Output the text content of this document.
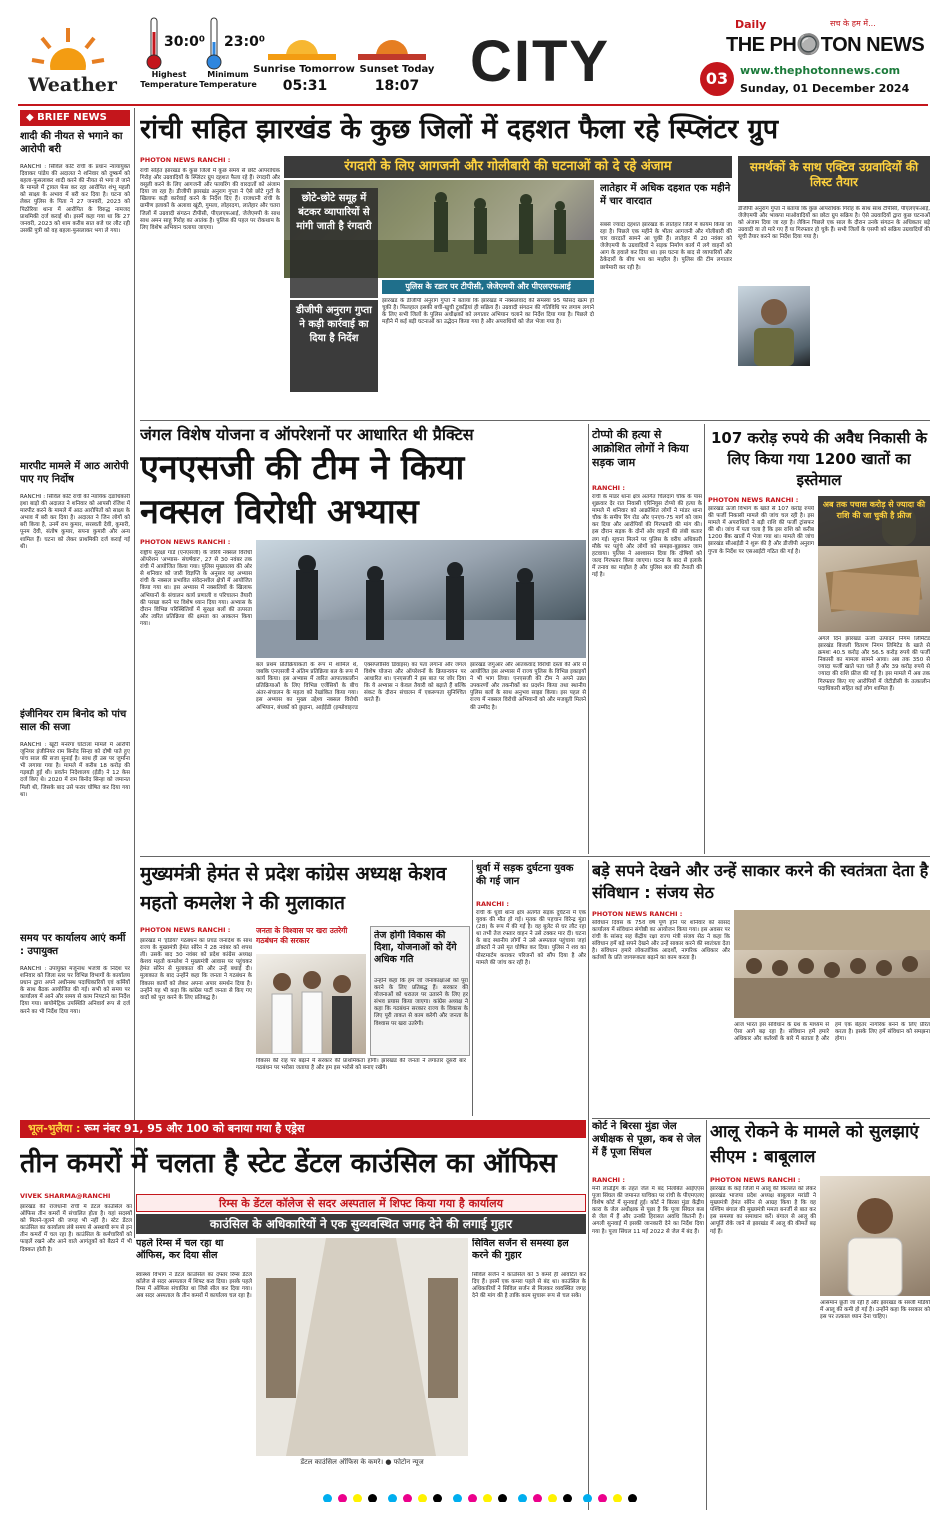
Weather
30:0⁰
Highest Temperature
23:0⁰
Minimum Temperature
Sunrise Tomorrow
05:31
Sunset Today
18:07 CITY
Daily	सच के हम में...
THE PH🔘TON NEWS
03	www.thephotonnews.com
Sunday, 01 December 2024
◆ BRIEF NEWS
शादी की नीयत से भगाने का आरोपी बरी
RANCHI : सिविल कोर्ट रांची के प्रधान न्यायायुक्त दिवाकर पांडेय की अदालत ने शनिवार को दुष्कर्म को बहला-फुसलाकर शादी करने की नीयत से भगा ले जाने के मामले में ट्रायल फेस कर रहा आरोपित शंभू महली को साक्ष्य के अभाव में बरी कर दिया है। घटना को लेकर पुलिस के पिता ने 27 जनवरी, 2023 को पिठोरिया थाना में आरोपित के विरुद्ध नामजद प्राथमिकी दर्ज कराई थी। इसमें कहा गया था कि 27 जनवरी, 2023 को शाम करीब सात बजे घर लौट रही उसकी पुत्री को वह बहला-फुसलाकर भगा ले गया।
मारपीट मामले में आठ आरोपी पाए गए निर्दोष
RANCHI : सिविल कोर्ट रांची की न्यायिक दंडाधिकारी इशा बाड़ो की अदालत ने शनिवार को आपसी रंजिश में मारपीट करने के मामले में आठ आरोपितों को साक्ष्य के अभाव में बरी कर दिया है। अदालत ने जिन लोगों को बरी किया है, उनमें राम कुमार, सरस्वती देवी, कुमारी, पूनम देवी, संतोष कुमार, सपना कुमारी और अन्य शामिल हैं। घटना को लेकर प्राथमिकी दर्ज कराई गई थी।
इंजीनियर राम बिनोद को पांच साल की सजा
RANCHI : खूंटी मनरेगा घोटाला मामले में आरोपी जूनियर इंजीनियर राम बिनोद सिन्हा को दोषी पाते हुए पांच साल की सजा सुनाई है। साथ ही उस पर जुर्माना भी लगाया गया है। मामले में करीब 18 करोड़ की गड़बड़ी हुई थी। प्रवर्तन निदेशालय (ईडी) ने 12 केस दर्ज किए थे। 2020 में राम बिनोद सिन्हा को जमानत मिली थी, जिसके बाद उसे फरार घोषित कर दिया गया था।
समय पर कार्यालय आएं कर्मी : उपायुक्त
RANCHI : उपायुक्त मंजूनाथ भजंत्री के निर्देश पर शनिवार को जिला स्तर पर विभिन्न विभागों के कार्यालय प्रधान द्वारा अपने अधीनस्थ पदाधिकारियों एवं कर्मियों के साथ बैठक आयोजित की गई। सभी को समय पर कार्यालय में आने और समय से काम निपटाने का निर्देश दिया गया। बायोमेट्रिक उपस्थिति अनिवार्य रूप से दर्ज करने का भी निर्देश दिया गया।
रांची सहित झारखंड के कुछ जिलों में दहशत फैला रहे स्प्लिंटर ग्रुप
PHOTON NEWS RANCHI :
रांची सहित झारखंड के कुछ जिलों में कुछ समय से छोटे आपराधिक गिरोह और उग्रवादियों के स्प्लिंटर ग्रुप दहशत फैला रहे हैं। रंगदारी और वसूली करने के लिए आगजनी और फायरिंग की वारदातों को अंजाम दिया जा रहा है। डीजीपी झारखंड अनुराग गुप्ता ने ऐसे छोटे गुटों के खिलाफ कड़ी कार्रवाई करने के निर्देश दिए हैं। राजधानी रांची के ग्रामीण इलाकों के अलावा खूंटी, गुमला, लोहरदगा, लातेहार और चतरा जिलों में उग्रवादी संगठन टीपीसी, पीएलएफआई, जेजेएमपी के साथ साथ अमन साहू गिरोह का आतंक है। पुलिस की पहल पर रोकथाम के लिए विशेष अभियान चलाया जाएगा।
रंगदारी के लिए आगजनी और गोलीबारी की घटनाओं को दे रहे अंजाम
छोटे-छोटे समूह में बंटकर व्यापारियों से मांगी जाती है रंगदारी
डीजीपी अनुराग गुप्ता ने कड़ी कार्रवाई का दिया है निर्देश
पुलिस के रडार पर टीपीसी, जेजेएमपी और पीएलएफआई
झारखंड के डीजीपी अनुराग गुप्ता ने बताया कि झारखंड में नक्सलवाद की समस्या 95 फीसद खत्म हो चुकी है। फिलहाल इसकी बची-खुची टुकड़ियां ही सक्रिय हैं। उग्रवादी संगठन की गतिविधि पर लगाम लगाने के लिए सभी जिलों के पुलिस अधीक्षकों को लगातार अभियान चलाने का निर्देश दिया गया है। पिछले दो महीने में कई बड़ी घटनाओं का उद्भेदन किया गया है और अपराधियों को जेल भेजा गया है।
लातेहार में अधिक दहशत एक महीने में चार वारदात
सबसे ज्यादा दहशत झारखंड के लातेहार जिले में कायम किया जा रहा है। पिछले एक महीने के भीतर आगजनी और गोलीबारी की चार वारदातें सामने आ चुकी हैं। लातेहार में 20 नवंबर को जेजेएमपी के उग्रवादियों ने सड़क निर्माण कार्य में लगे वाहनों को आग के हवाले कर दिया था। इस घटना के बाद से व्यापारियों और ठेकेदारों के बीच भय का माहौल है। पुलिस की टीम लगातार छापेमारी कर रही है।
समर्थकों के साथ एक्टिव उग्रवादियों की लिस्ट तैयार
डीजीपी अनुराग गुप्ता ने बताया कि कुछ आपराधिक गिरोह के साथ साथ टीपीसी, पीएलएफआई, जेजेएमपी और भाकपा माओवादियों का छोटा ग्रुप सक्रिय है। ऐसे उग्रवादियों द्वारा कुछ घटनाओं को अंजाम दिया जा रहा है। लेकिन पिछले एक साल के दौरान उनके संगठन के अधिकतर बड़े उग्रवादी या तो मारे गए हैं या गिरफ्तार हो चुके हैं। सभी जिलों के एसपी को सक्रिय उग्रवादियों की सूची तैयार करने का निर्देश दिया गया है।
जंगल विशेष योजना व ऑपरेशनों पर आधारित थी प्रैक्टिस
एनएसजी की टीम ने किया
नक्सल विरोधी अभ्यास
PHOTON NEWS RANCHI :
राष्ट्रीय सुरक्षा गार्ड (एनएसजी) के जरिये नक्सल विरोधी ऑपरेशन 'अभ्यास- संघर्षवार', 27 से 30 नवंबर तक रांची में आयोजित किया गया। पुलिस मुख्यालय की ओर से शनिवार को जारी विज्ञप्ति के अनुसार यह अभ्यास रांची के नक्सल प्रभावित संवेदनशील क्षेत्रों में आयोजित किया गया था। इस अभ्यास में नक्सलियों के खिलाफ अभियानों के संचालन कार्य प्रणाली व परिचालन तैयारी की परखा करने पर विशेष ध्यान दिया गया। अभ्यास के दौरान विभिन्न परिस्थितियों में सुरक्षा बलों की तत्परता और त्वरित प्रतिक्रिया की क्षमता का आकलन किया गया।
बल प्रथम प्रतिक्रियाकर्ता के रूप में शामिल थे, जबकि एनएसजी ने अंतिम प्रतिक्रिया बल के रूप में कार्य किया। इस अभ्यास में त्वरित आपातकालीन प्रतिक्रियाओं के लिए विभिन्न एजेंसियों के बीच अंतर-संचालन के महत्व को रेखांकित किया गया। इस अभ्यास का मुख्य उद्देश्य नक्सल विरोधी अभियान, बंधकों को छुड़ाना, आईईडी (इम्प्रोवाइज्ड एक्सप्लोसिव डिवाइस) का पता लगाना और जंगल विशेष योजना और ऑपरेशनों के क्रियान्वयन पर आधारित था। एनएसजी ने इस बात पर जोर दिया कि ये अभ्यास न केवल तैयारी को बढ़ाते हैं बल्कि संकट के दौरान संचालन में एकरूपता सुनिश्चित करते हैं।
झारखंड जगुआर और आतंकवाद विरोधी दस्ता की ओर से आयोजित इस अभ्यास में राज्य पुलिस के विभिन्न इकाइयों ने भी भाग लिया। एनएसजी की टीम ने अपने उन्नत उपकरणों और तकनीकों का प्रदर्शन किया तथा स्थानीय पुलिस बलों के साथ अनुभव साझा किया। इस पहल से राज्य में नक्सल विरोधी अभियानों को और मजबूती मिलने की उम्मीद है।
टोप्पो की हत्या से आक्रोशित लोगों ने किया सड़क जाम
RANCHI :
रांची के मांडर थाना क्षेत्र अंतर्गत चिलदाग चौक के पास शुक्रवार देर रात निवासी एरिनियुस टोप्पो की हत्या के मामले में शनिवार को आक्रोशित लोगों ने मांडर थाना चौक के समीप रिंग रोड और एनएच-75 मार्ग को जाम कर दिया और आरोपियों की गिरफ्तारी की मांग की। इस दौरान सड़क के दोनों ओर वाहनों की लंबी कतार लग गई। सूचना मिलने पर पुलिस के वरीय अधिकारी मौके पर पहुंचे और लोगों को समझा-बुझाकर जाम हटवाया। पुलिस ने आश्वासन दिया कि दोषियों को जल्द गिरफ्तार किया जाएगा। घटना के बाद से इलाके में तनाव का माहौल है और पुलिस बल की तैनाती की गई है।
107 करोड़ रुपये की अवैध निकासी के लिए किया गया 1200 खातों का इस्तेमाल
PHOTON NEWS RANCHI :
झारखंड ऊर्जा विभाग के खाते से 107 करोड़ रुपये की फर्जी निकासी मामले की जांच चल रही है। इस मामले में अपराधियों ने बड़ी राशि की फर्जी ट्रांसफर की थी। जांच में पता चला है कि इस राशि को करीब 1200 बैंक खातों में भेजा गया था। मामले की जांच झारखंड सीआईडी ने शुरू की है और डीजीपी अनुराग गुप्ता के निर्देश पर एसआईटी गठित की गई है।
अब तक पचास करोड़ से ज्यादा की राशि की जा चुकी है फ्रीज
अगले दिन झारखंड ऊर्जा उत्पादन निगम लिमिटेड झारखंड बिजली वितरण निगम लिमिटेड के खाते से क्रमशः 40.5 करोड़ और 56.5 करोड़ रुपये की फर्जी निकासी का मामला सामने आया। अब तक 350 से ज्यादा फर्जी खाते पता चले हैं और 39 करोड़ रुपये से ज्यादा की राशि फ्रीज की गई है। इस मामले में अब तक गिरफ्तार किए गए आरोपियों में जेटीडीसी के तत्कालीन पदाधिकारी सहित कई लोग शामिल हैं।
मुख्यमंत्री हेमंत से प्रदेश कांग्रेस अध्यक्ष केशव महतो कमलेश ने की मुलाकात
PHOTON NEWS RANCHI :
झारखंड में 'इंडिया' गठबंधन का प्रचंड जनादेश के साथ राज्य के मुख्यमंत्री हेमंत सोरेन ने 28 नवंबर को शपथ ली। उसके बाद 30 नवंबर को प्रदेश कांग्रेस अध्यक्ष केशव महतो कमलेश ने मुख्यमंत्री आवास पर पहुंचकर हेमंत सोरेन से मुलाकात की और उन्हें बधाई दी। मुलाकात के बाद उन्होंने कहा कि जनता ने गठबंधन के विकास कार्यों को लेकर अपना अपार समर्थन दिया है। उन्होंने यह भी कहा कि कांग्रेस पार्टी जनता से किए गए वादों को पूरा करने के लिए प्रतिबद्ध है।
जनता के विश्वास पर खरा उतरेगी गठबंधन की सरकार
विकास की राह पर बढ़ाने में सरकार की प्राथमिकता होगी। झारखंड की जनता ने लगातार दूसरी बार गठबंधन पर भरोसा जताया है और हम इस भरोसे को बनाए रखेंगे।
तेज होगी विकास की दिशा, योजनाओं को देंगे अधिक गति
उन्होंने कहा कि हम जो जनाकांक्षाओं को पूरा करने के लिए प्रतिबद्ध हैं। सरकार की योजनाओं को धरातल पर उतारने के लिए हर संभव प्रयास किया जाएगा। कांग्रेस अध्यक्ष ने कहा कि गठबंधन सरकार राज्य के विकास के लिए पूरी ताकत से काम करेगी और जनता के विश्वास पर खरा उतरेगी।
धुर्वा में सड़क दुर्घटना युवक की गई जान
RANCHI :
रांची के धुर्वा थाना क्षेत्र अंतर्गत सड़क दुर्घटना में एक युवक की मौत हो गई। मृतक की पहचान विरेन्द्र मुंडा (28) के रूप में की गई है। वह बुलेट से घर लौट रहा था तभी तेज रफ्तार वाहन ने उसे टक्कर मार दी। घटना के बाद स्थानीय लोगों ने उसे अस्पताल पहुंचाया जहां डॉक्टरों ने उसे मृत घोषित कर दिया। पुलिस ने शव का पोस्टमार्टम कराकर परिजनों को सौंप दिया है और मामले की जांच कर रही है।
बड़े सपने देखने और उन्हें साकार करने की स्वतंत्रता देता है संविधान : संजय सेठ
PHOTON NEWS RANCHI :
संविधान दिवस के 75वें वर्ष पूर्ण होने पर शनिवार को सांसद कार्यालय में संविधान संगोष्ठी का आयोजन किया गया। इस अवसर पर रांची के सांसद सह केंद्रीय रक्षा राज्य मंत्री संजय सेठ ने कहा कि संविधान हमें बड़े सपने देखने और उन्हें साकार करने की स्वतंत्रता देता है। संविधान हमारे लोकतांत्रिक आदर्शों, नागरिक अधिकार और कर्तव्यों के प्रति जागरूकता बढ़ाने का काम करता है।
आज भारत इस संविधान के ग्रंथ के माध्यम से ऐसा आगे बढ़ रहा है। संविधान हमें हमारे अधिकार और कर्तव्यों के बारे में बताता है और हमें एक बेहतर नागरिक बनने के लिए प्रेरित करता है। इसके लिए हमें संविधान को समझना होगा।
भूल-भुलैया : रूम नंबर 91, 95 और 100 को बनाया गया है एड्रेस
तीन कमरों में चलता है स्टेट डेंटल काउंसिल का ऑफिस
VIVEK SHARMA@RANCHI
झारखंड की राजधानी रांची में डेंटल काउंसिल का ऑफिस तीन कमरों में संचालित होता है। यहां सदस्यों को मिलने-जुलने की जगह भी नहीं है। स्टेट डेंटल काउंसिल का कार्यालय लंबे समय से अस्थायी रूप से इन तीन कमरों में चल रहा है। काउंसिल के कर्मचारियों को फाइलें रखने और आने वाले आगंतुकों को बैठाने में भी दिक्कत होती है।
रिम्स के डेंटल कॉलेज से सदर अस्पताल में शिफ्ट किया गया है कार्यालय
काउंसिल के अधिकारियों ने एक सुव्यवस्थित जगह देने की लगाई गुहार
पहले रिम्स में चल रहा था ऑफिस, कर दिया सील
स्वास्थ्य विभाग ने डेंटल काउंसिल का दफ्तर रिम्स डेंटल कॉलेज से सदर अस्पताल में शिफ्ट करा दिया। इसके पहले रिम्स में ऑफिस संचालित था जिसे सील कर दिया गया। अब सदर अस्पताल के तीन कमरों में कार्यालय चल रहा है।
डेंटल काउंसिल ऑफिस के कमरे। ● फोटोन न्यूज
सिविल सर्जन से समस्या हल करने की गुहार
सिविल सर्जन ने काउंसिल को 3 कमरे ही आवंटित कर दिए हैं। इसमें एक कमरा पहले से बंद था। काउंसिल के अधिकारियों ने सिविल सर्जन से मिलकर व्यवस्थित जगह देने की मांग की है ताकि काम सुचारू रूप से चल सके।
कोर्ट ने बिरसा मुंडा जेल अधीक्षक से पूछा, कब से जेल में हैं पूजा सिंघल
RANCHI :
मनी लाउंड्रिंग के तहत जेल में बंद निलंबित आईएएस पूजा सिंघल की जमानत याचिका पर रांची के पीएमएलए विशेष कोर्ट में सुनवाई हुई। कोर्ट ने बिरसा मुंडा केंद्रीय कारा के जेल अधीक्षक से पूछा है कि पूजा सिंघल कब से जेल में हैं और उनकी हिरासत अवधि कितनी है। अगली सुनवाई में इसकी जानकारी देने का निर्देश दिया गया है। पूजा सिंघल 11 मई 2022 से जेल में बंद हैं।
आलू रोकने के मामले को सुलझाएं सीएम : बाबूलाल
PHOTON NEWS RANCHI :
झारखंड के कई जिलों में आलू की किल्लत को लेकर झारखंड भाजपा प्रदेश अध्यक्ष बाबूलाल मरांडी ने मुख्यमंत्री हेमंत सोरेन से आग्रह किया है कि वह पश्चिम बंगाल की मुख्यमंत्री ममता बनर्जी से बात कर इस समस्या का समाधान करें। बंगाल से आलू की आपूर्ति रोके जाने से झारखंड में आलू की कीमतें बढ़ गई हैं।
आसमान छूती जा रही है और झारखंड के सब्जी मंडियों में आलू की कमी हो गई है। उन्होंने कहा कि सरकार को इस पर तत्काल ध्यान देना चाहिए।
